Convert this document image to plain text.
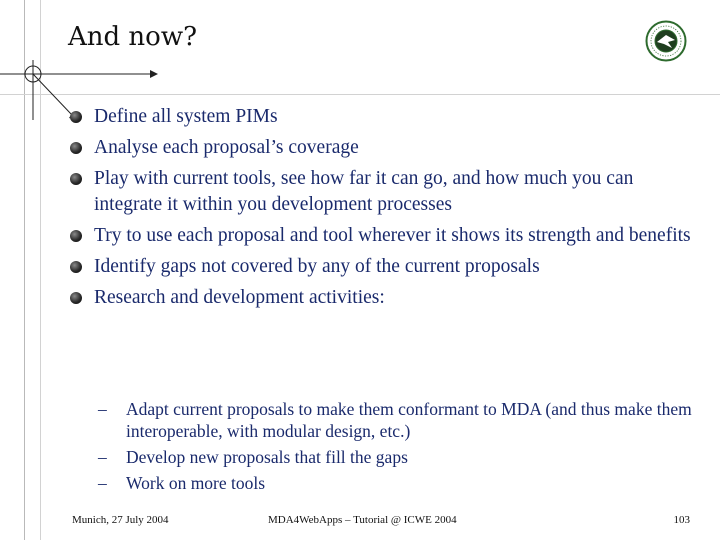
And now?
Define all system PIMs
Analyse each proposal’s coverage
Play with current tools, see how far it can go, and how much you can integrate it within you development processes
Try to use each proposal and tool wherever it shows its strength and benefits
Identify gaps not covered by any of the current proposals
Research and development activities:
– Adapt current proposals to make them conformant to MDA (and thus make them interoperable, with modular design, etc.)
– Develop new proposals that fill the gaps
– Work on more tools
Munich, 27 July 2004	MDA4WebApps – Tutorial @ ICWE 2004	103
